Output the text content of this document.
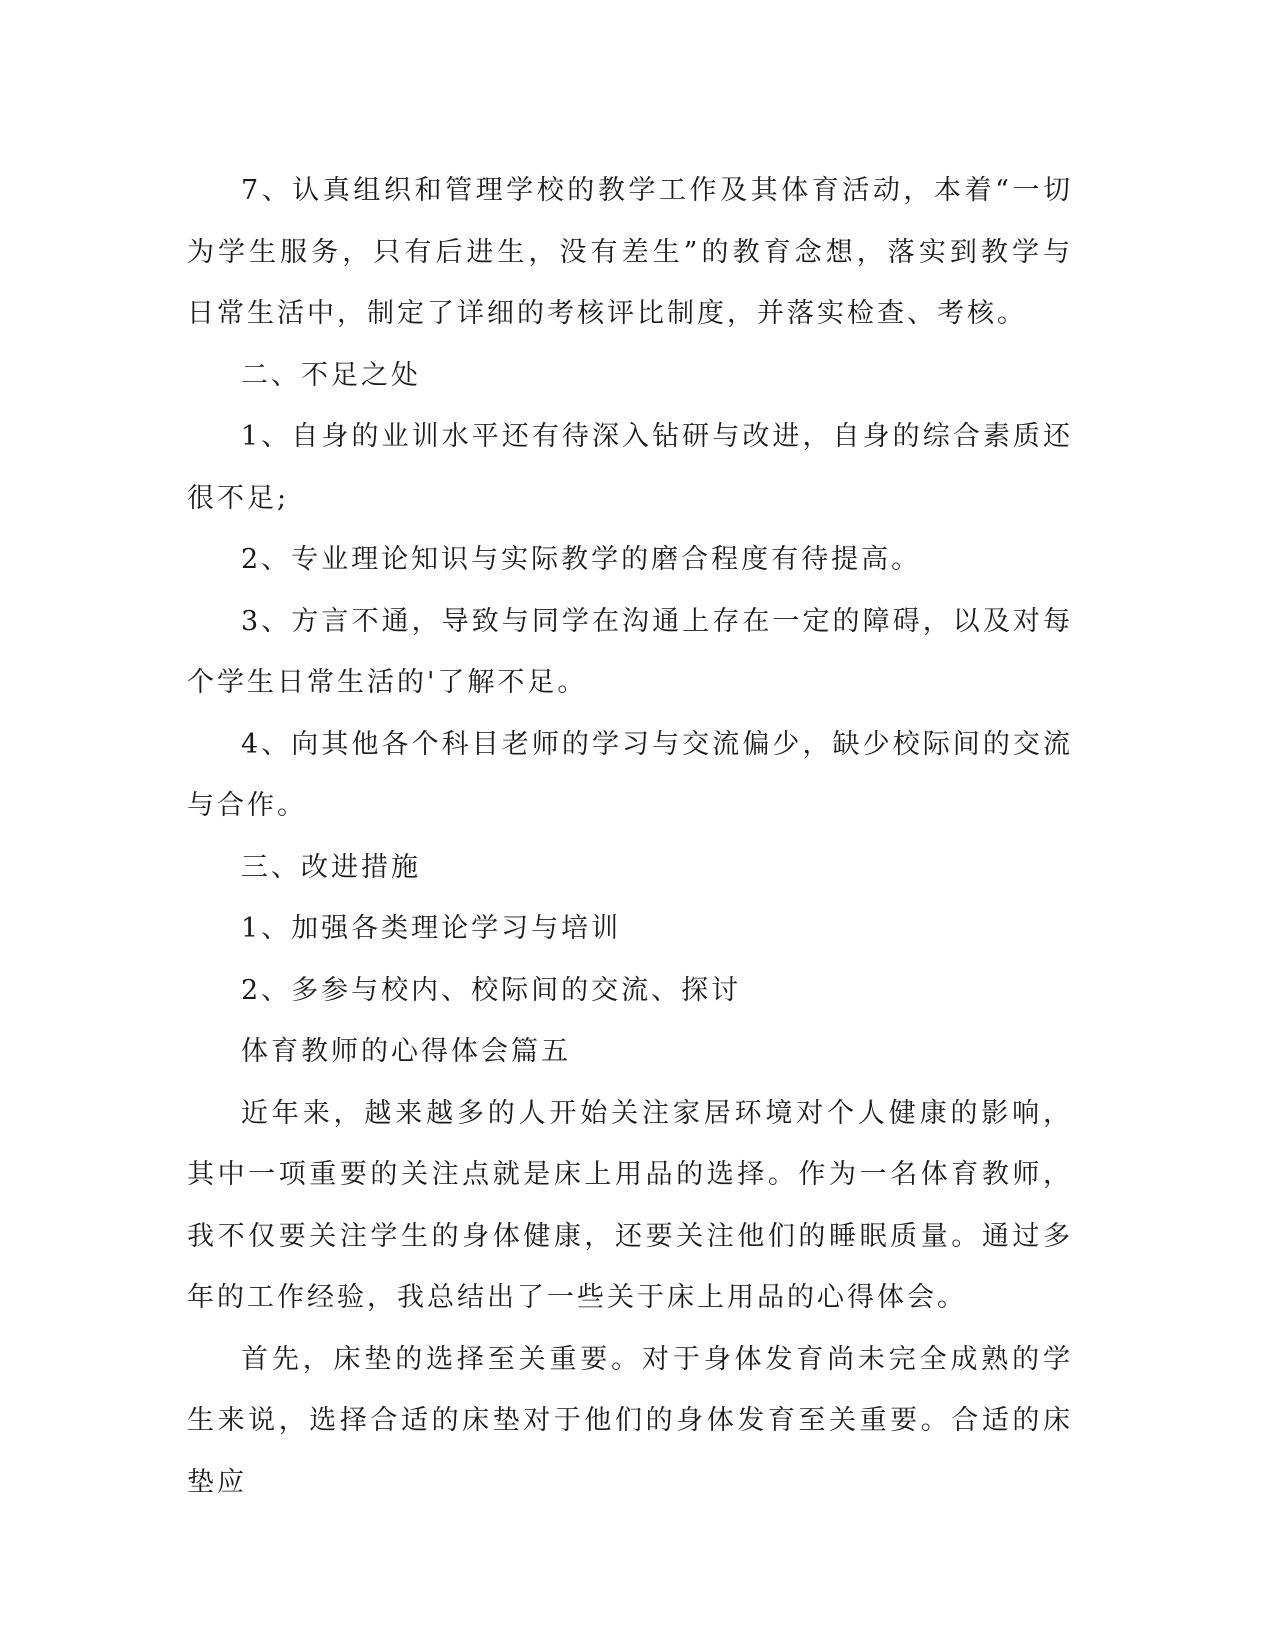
7、认真组织和管理学校的教学工作及其体育活动，本着“一切为学生服务，只有后进生，没有差生”的教育念想，落实到教学与日常生活中，制定了详细的考核评比制度，并落实检查、考核。

二、不足之处

1、自身的业训水平还有待深入钻研与改进，自身的综合素质还很不足;

2、专业理论知识与实际教学的磨合程度有待提高。

3、方言不通，导致与同学在沟通上存在一定的障碍，以及对每个学生日常生活的'了解不足。

4、向其他各个科目老师的学习与交流偏少，缺少校际间的交流与合作。

三、改进措施

1、加强各类理论学习与培训

2、多参与校内、校际间的交流、探讨

体育教师的心得体会篇五

近年来，越来越多的人开始关注家居环境对个人健康的影响，其中一项重要的关注点就是床上用品的选择。作为一名体育教师，我不仅要关注学生的身体健康，还要关注他们的睡眠质量。通过多年的工作经验，我总结出了一些关于床上用品的心得体会。

首先，床垫的选择至关重要。对于身体发育尚未完全成熟的学生来说，选择合适的床垫对于他们的身体发育至关重要。合适的床垫应
